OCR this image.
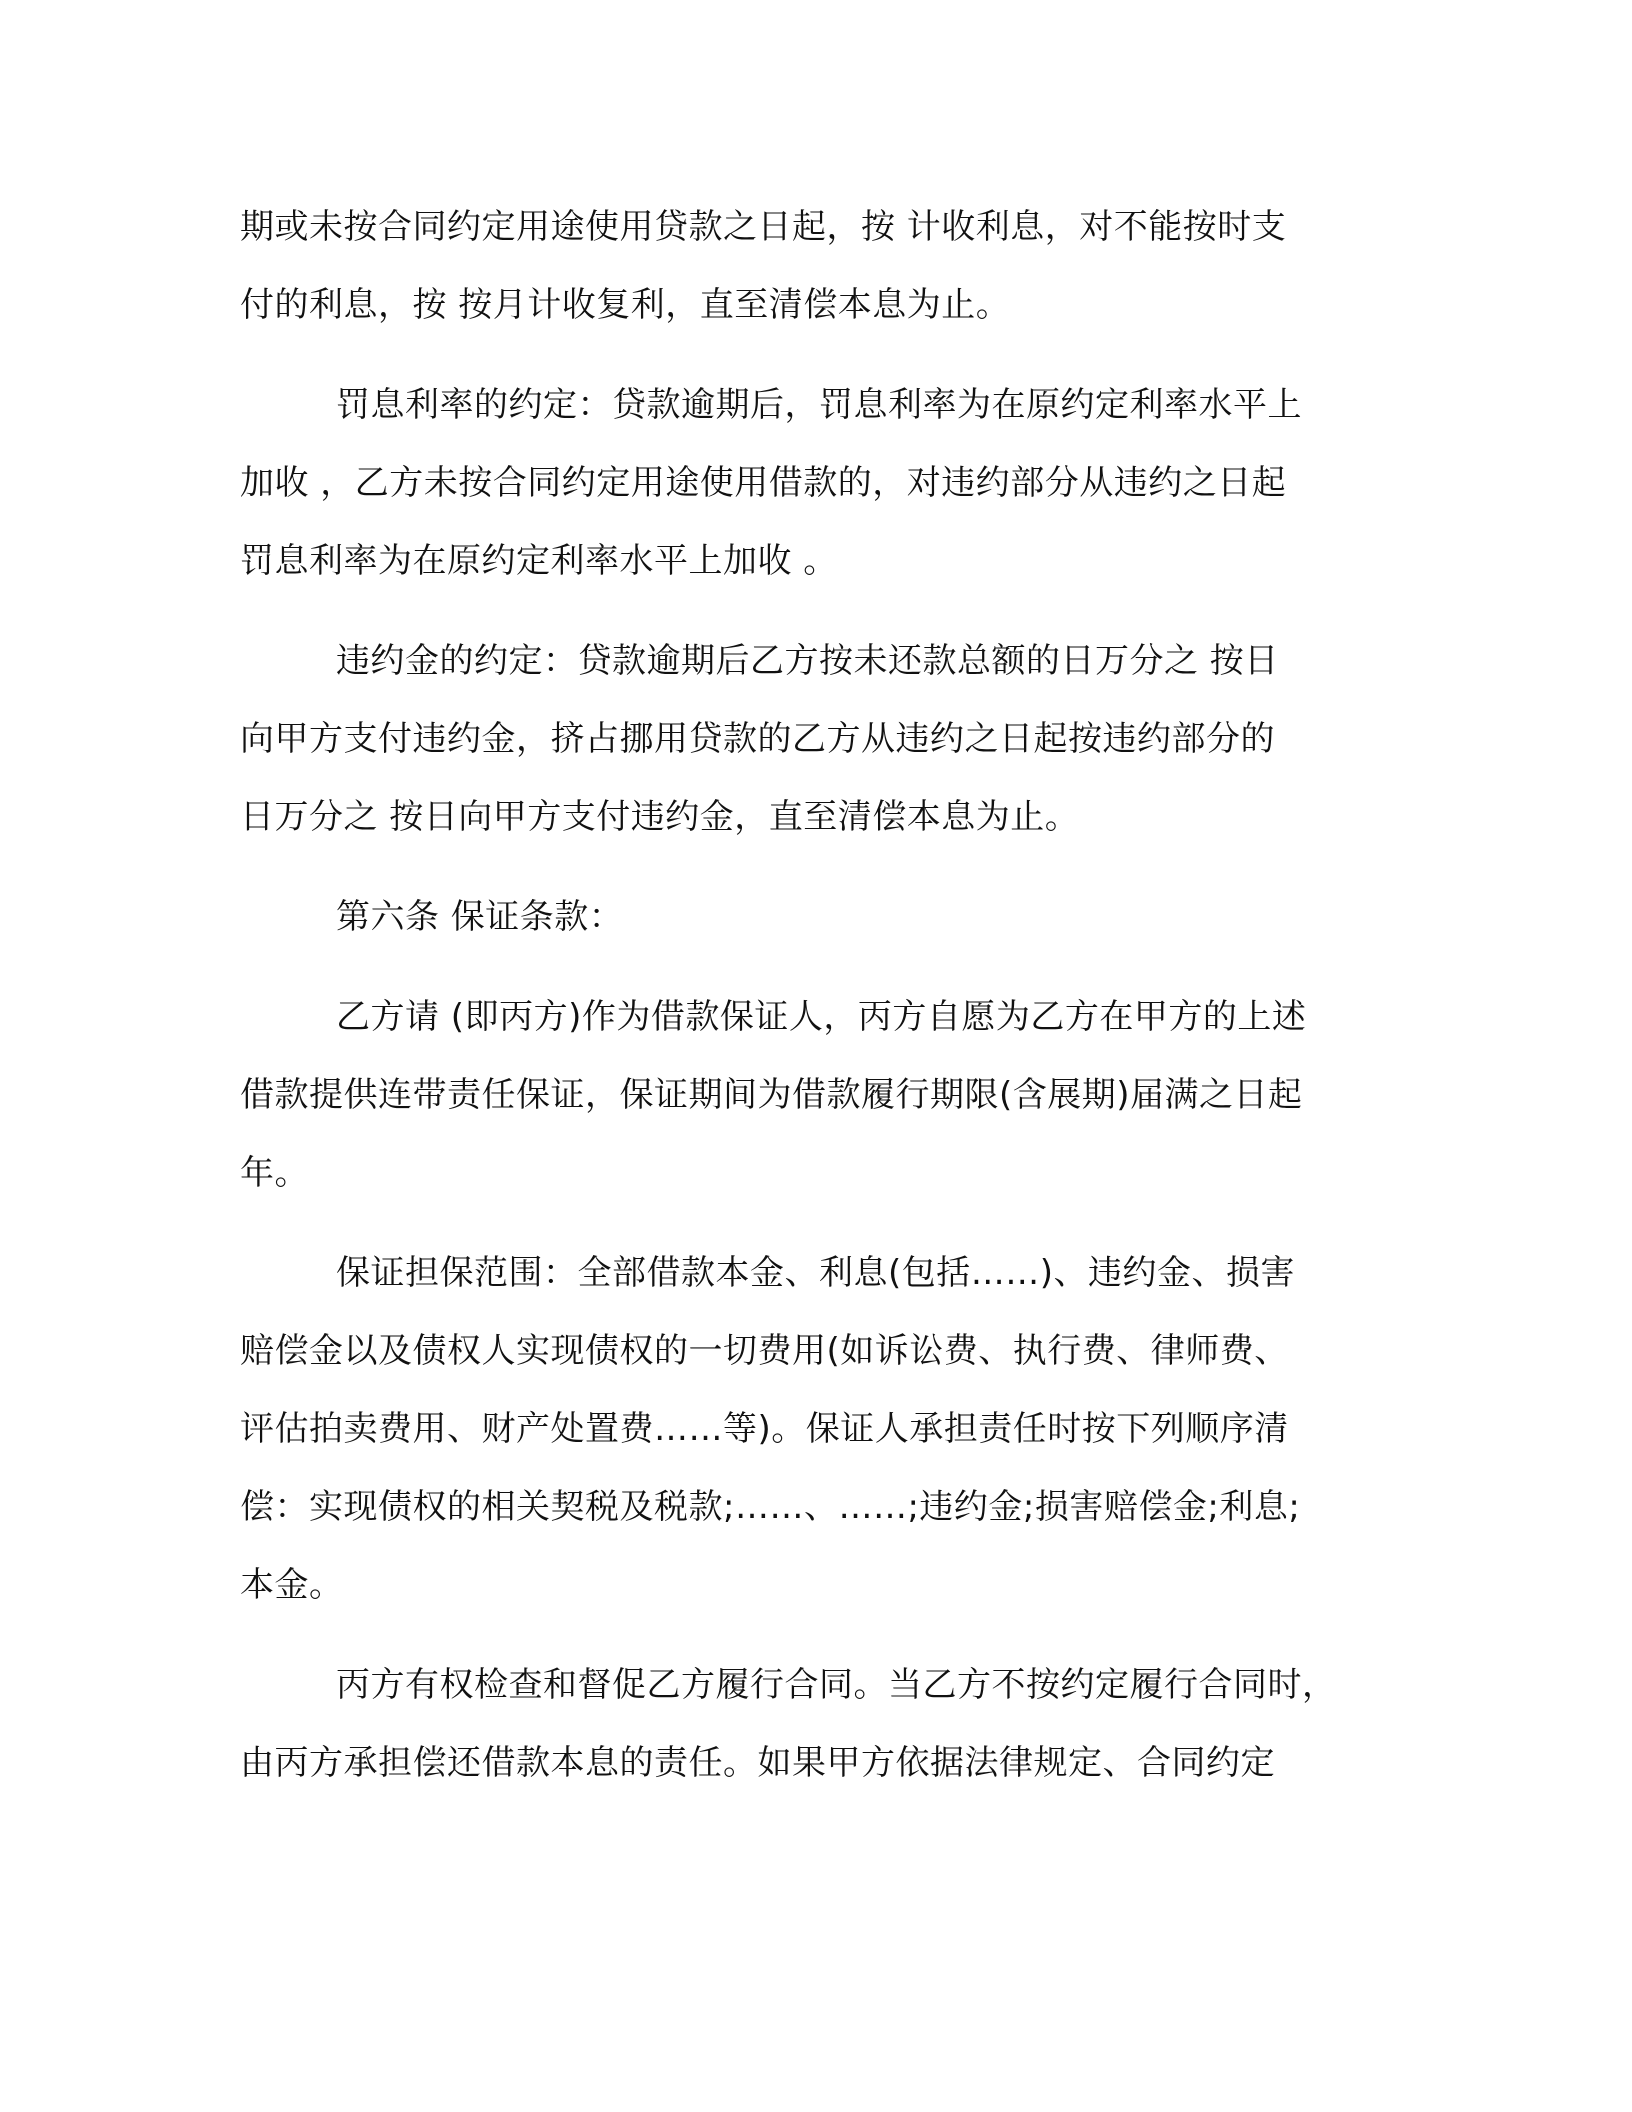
期或未按合同约定用途使用贷款之日起，按 计收利息，对不能按时支
付的利息，按 按月计收复利，直至清偿本息为止。
罚息利率的约定：贷款逾期后，罚息利率为在原约定利率水平上
加收 ，乙方未按合同约定用途使用借款的，对违约部分从违约之日起
罚息利率为在原约定利率水平上加收 。
违约金的约定：贷款逾期后乙方按未还款总额的日万分之 按日
向甲方支付违约金，挤占挪用贷款的乙方从违约之日起按违约部分的
日万分之 按日向甲方支付违约金，直至清偿本息为止。
第六条 保证条款：
乙方请 (即丙方)作为借款保证人，丙方自愿为乙方在甲方的上述
借款提供连带责任保证，保证期间为借款履行期限(含展期)届满之日起
年。
保证担保范围：全部借款本金、利息(包括……)、违约金、损害
赔偿金以及债权人实现债权的一切费用(如诉讼费、执行费、律师费、
评估拍卖费用、财产处置费……等)。保证人承担责任时按下列顺序清
偿：实现债权的相关契税及税款;……、……;违约金;损害赔偿金;利息;
本金。
丙方有权检查和督促乙方履行合同。当乙方不按约定履行合同时，
由丙方承担偿还借款本息的责任。如果甲方依据法律规定、合同约定
